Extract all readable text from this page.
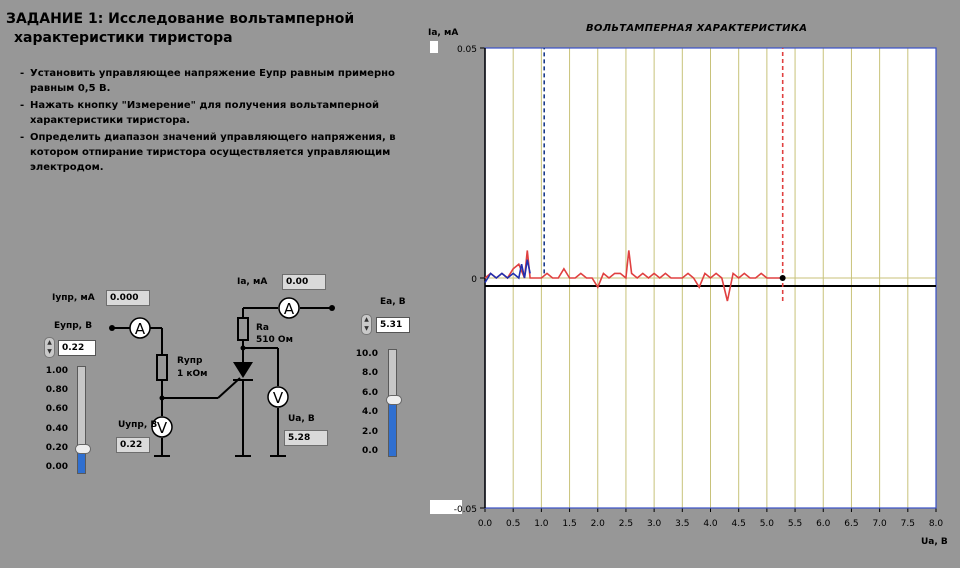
ЗАДАНИЕ 1: Исследование вольтамперной
характеристики тиристора
- Установить управляющее напряжение Еупр равным примерно равным 0,5 В.
- Нажать кнопку "Измерение" для получения вольтамперной характеристики тиристора.
- Определить диапазон значений управляющего напряжения, в котором отпирание тиристора осуществляется управляющим электродом.
A
A
V
V
Iупр, мА	0.000
Ia, мА	0.00
Ra
510 Ом
Rупр
1 кОм
Uупр, В
0.22
Ua, В
5.28
Еупр, В
▲
▼	0.22
1.00
0.80
0.60
0.40
0.20
0.00
Еa, В
▲
▼	5.31
10.0
8.0
6.0
4.0
2.0
0.0
ВОЛЬТАМПЕРНАЯ ХАРАКТЕРИСТИКА
Ia, мА
Ua, В
0.0 0.5 1.0 1.5 2.0 2.5 3.0 3.5 4.0 4.5 5.0 5.5 6.0 6.5 7.0 7.5 8.0
0.05
0
-0.05
